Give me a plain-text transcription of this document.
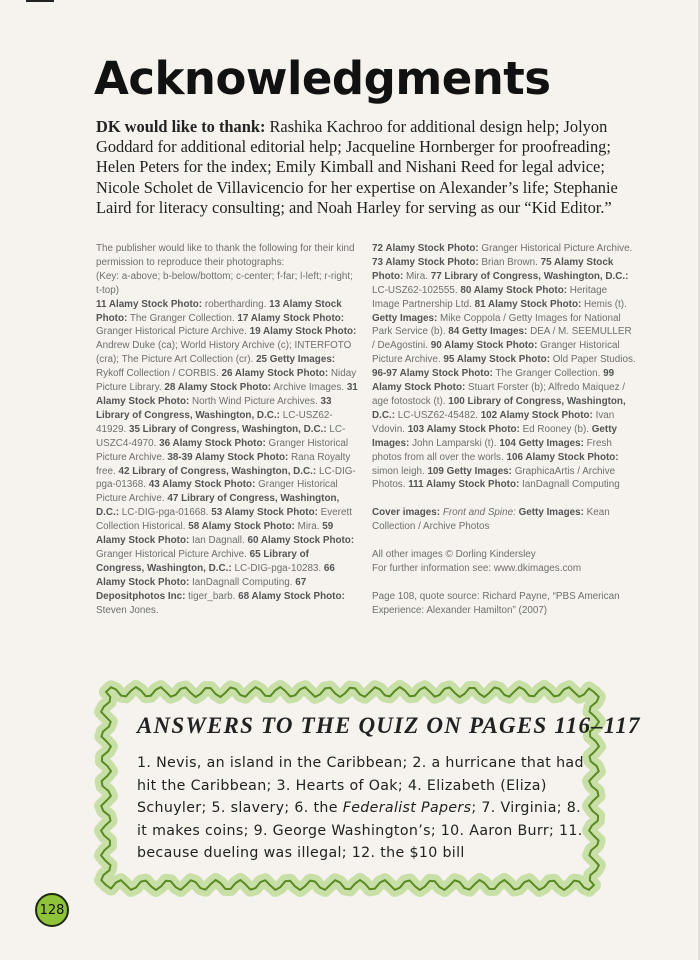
Acknowledgments

DK would like to thank: Rashika Kachroo for additional design help; Jolyon Goddard for additional editorial help; Jacqueline Hornberger for proofreading; Helen Peters for the index; Emily Kimball and Nishani Reed for legal advice; Nicole Scholet de Villavicencio for her expertise on Alexander’s life; Stephanie Laird for literacy consulting; and Noah Harley for serving as our “Kid Editor.”

The publisher would like to thank the following for their kind permission to reproduce their photographs:

(Key: a-above; b-below/bottom; c-center; f-far; l-left; r-right; t-top)

11 Alamy Stock Photo: robertharding. 13 Alamy Stock Photo: The Granger Collection. 17 Alamy Stock Photo: Granger Historical Picture Archive. 19 Alamy Stock Photo: Andrew Duke (ca); World History Archive (c); INTERFOTO (cra); The Picture Art Collection (cr). 25 Getty Images: Rykoff Collection / CORBIS. 26 Alamy Stock Photo: Niday Picture Library. 28 Alamy Stock Photo: Archive Images. 31 Alamy Stock Photo: North Wind Picture Archives. 33 Library of Congress, Washington, D.C.: LC-USZ62-41929. 35 Library of Congress, Washington, D.C.: LC-USZC4-4970. 36 Alamy Stock Photo: Granger Historical Picture Archive. 38-39 Alamy Stock Photo: Rana Royalty free. 42 Library of Congress, Washington, D.C.: LC-DIG-pga-01368. 43 Alamy Stock Photo: Granger Historical Picture Archive. 47 Library of Congress, Washington, D.C.: LC-DIG-pga-01668. 53 Alamy Stock Photo: Everett Collection Historical. 58 Alamy Stock Photo: Mira. 59 Alamy Stock Photo: Ian Dagnall. 60 Alamy Stock Photo: Granger Historical Picture Archive. 65 Library of Congress, Washington, D.C.: LC-DIG-pga-10283. 66 Alamy Stock Photo: IanDagnall Computing. 67 Depositphotos Inc: tiger_barb. 68 Alamy Stock Photo: Steven Jones.

72 Alamy Stock Photo: Granger Historical Picture Archive. 73 Alamy Stock Photo: Brian Brown. 75 Alamy Stock Photo: Mira. 77 Library of Congress, Washington, D.C.: LC-USZ62-102555. 80 Alamy Stock Photo: Heritage Image Partnership Ltd. 81 Alamy Stock Photo: Hemis (t). Getty Images: Mike Coppola / Getty Images for National Park Service (b). 84 Getty Images: DEA / M. SEEMULLER / DeAgostini. 90 Alamy Stock Photo: Granger Historical Picture Archive. 95 Alamy Stock Photo: Old Paper Studios. 96-97 Alamy Stock Photo: The Granger Collection. 99 Alamy Stock Photo: Stuart Forster (b); Alfredo Maiquez / age fotostock (t). 100 Library of Congress, Washington, D.C.: LC-USZ62-45482. 102 Alamy Stock Photo: Ivan Vdovin. 103 Alamy Stock Photo: Ed Rooney (b). Getty Images: John Lamparski (t). 104 Getty Images: Fresh photos from all over the worls. 106 Alamy Stock Photo: simon leigh. 109 Getty Images: GraphicaArtis / Archive Photos. 111 Alamy Stock Photo: IanDagnall Computing

Cover images: Front and Spine: Getty Images: Kean Collection / Archive Photos

All other images © Dorling Kindersley

For further information see: www.dkimages.com

Page 108, quote source: Richard Payne, “PBS American Experience: Alexander Hamilton” (2007)

ANSWERS TO THE QUIZ ON PAGES 116–117

1. Nevis, an island in the Caribbean; 2. a hurricane that had hit the Caribbean; 3. Hearts of Oak; 4. Elizabeth (Eliza) Schuyler; 5. slavery; 6. the Federalist Papers; 7. Virginia; 8. it makes coins; 9. George Washington’s; 10. Aaron Burr; 11. because dueling was illegal; 12. the $10 bill

128
